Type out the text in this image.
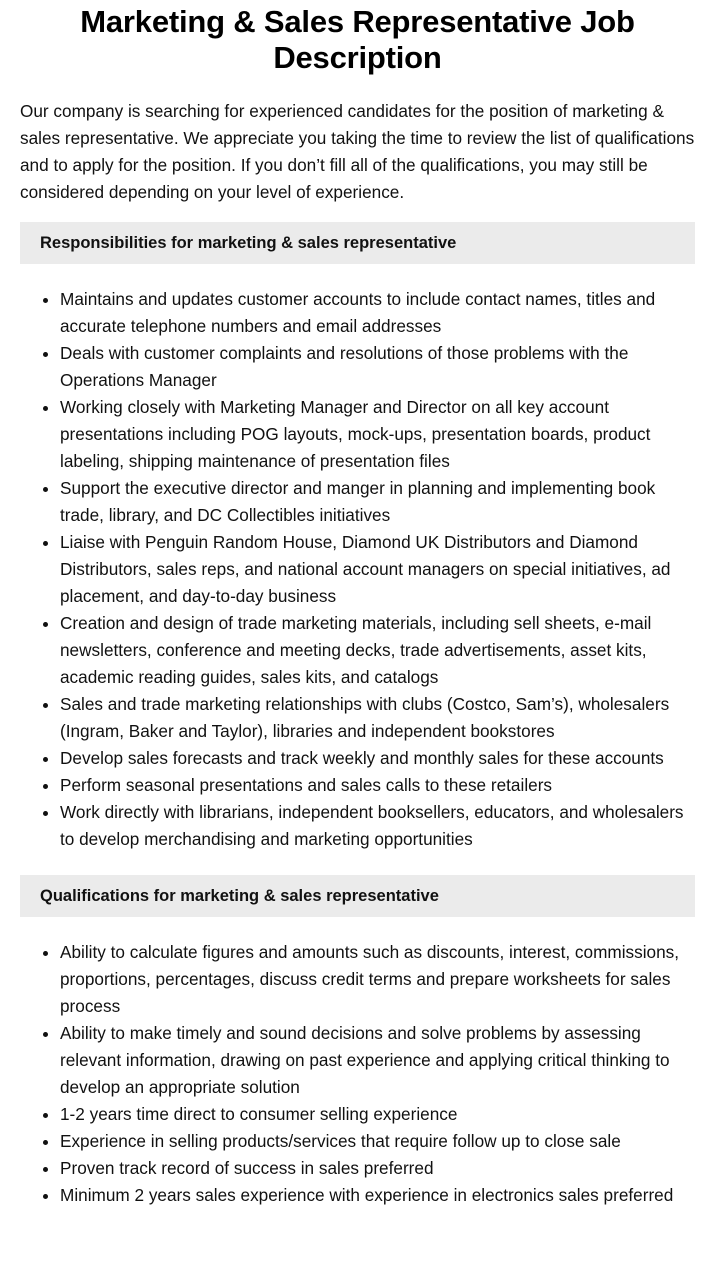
Marketing & Sales Representative Job Description

Our company is searching for experienced candidates for the position of marketing & sales representative. We appreciate you taking the time to review the list of qualifications and to apply for the position. If you don’t fill all of the qualifications, you may still be considered depending on your level of experience.

Responsibilities for marketing & sales representative
• Maintains and updates customer accounts to include contact names, titles and accurate telephone numbers and email addresses
• Deals with customer complaints and resolutions of those problems with the Operations Manager
• Working closely with Marketing Manager and Director on all key account presentations including POG layouts, mock-ups, presentation boards, product labeling, shipping maintenance of presentation files
• Support the executive director and manger in planning and implementing book trade, library, and DC Collectibles initiatives
• Liaise with Penguin Random House, Diamond UK Distributors and Diamond Distributors, sales reps, and national account managers on special initiatives, ad placement, and day-to-day business
• Creation and design of trade marketing materials, including sell sheets, e-mail newsletters, conference and meeting decks, trade advertisements, asset kits, academic reading guides, sales kits, and catalogs
• Sales and trade marketing relationships with clubs (Costco, Sam’s), wholesalers (Ingram, Baker and Taylor), libraries and independent bookstores
• Develop sales forecasts and track weekly and monthly sales for these accounts
• Perform seasonal presentations and sales calls to these retailers
• Work directly with librarians, independent booksellers, educators, and wholesalers to develop merchandising and marketing opportunities
Qualifications for marketing & sales representative
• Ability to calculate figures and amounts such as discounts, interest, commissions, proportions, percentages, discuss credit terms and prepare worksheets for sales process
• Ability to make timely and sound decisions and solve problems by assessing relevant information, drawing on past experience and applying critical thinking to develop an appropriate solution
• 1-2 years time direct to consumer selling experience
• Experience in selling products/services that require follow up to close sale
• Proven track record of success in sales preferred
• Minimum 2 years sales experience with experience in electronics sales preferred
